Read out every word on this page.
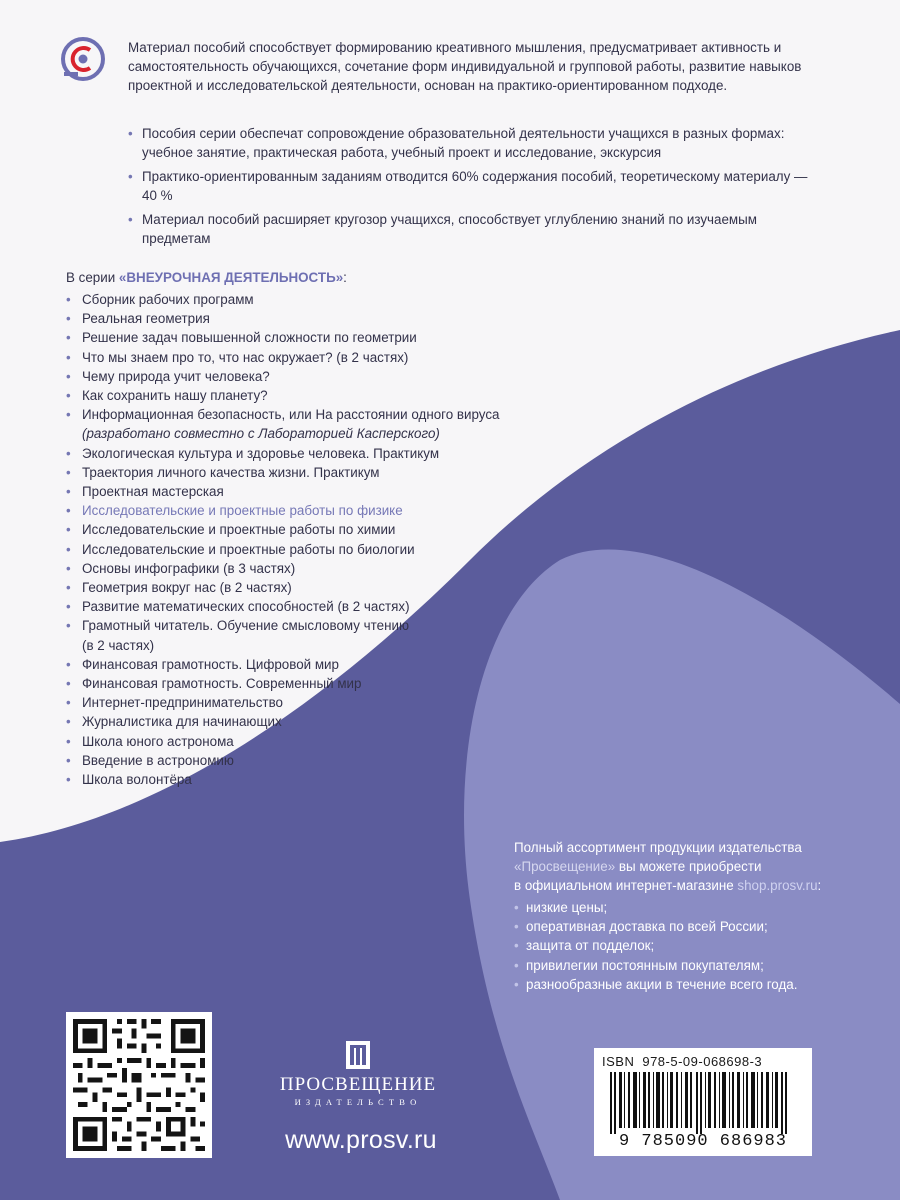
Материал пособий способствует формированию креативного мышления, предусматривает активность и самостоятельность обучающихся, сочетание форм индивидуальной и групповой работы, развитие навыков проектной и исследовательской деятельности, основан на практико-ориентированном подходе.

• Пособия серии обеспечат сопровождение образовательной деятельности учащихся в разных формах: учебное занятие, практическая работа, учебный проект и исследование, экскурсия
• Практико-ориентированным заданиям отводится 60% содержания пособий, теоретическому материалу — 40 %
• Материал пособий расширяет кругозор учащихся, способствует углублению знаний по изучаемым предметам
В серии «ВНЕУРОЧНАЯ ДЕЯТЕЛЬНОСТЬ»:
• Сборник рабочих программ
• Реальная геометрия
• Решение задач повышенной сложности по геометрии
• Что мы знаем про то, что нас окружает? (в 2 частях)
• Чему природа учит человека?
• Как сохранить нашу планету?
• Информационная безопасность, или На расстоянии одного вируса
(разработано совместно с Лабораторией Касперского)
• Экологическая культура и здоровье человека. Практикум
• Траектория личного качества жизни. Практикум
• Проектная мастерская
• Исследовательские и проектные работы по физике
• Исследовательские и проектные работы по химии
• Исследовательские и проектные работы по биологии
• Основы инфографики (в 3 частях)
• Геометрия вокруг нас (в 2 частях)
• Развитие математических способностей (в 2 частях)
• Грамотный читатель. Обучение смысловому чтению
(в 2 частях)
• Финансовая грамотность. Цифровой мир
• Финансовая грамотность. Современный мир
• Интернет-предпринимательство
• Журналистика для начинающих
• Школа юного астронома
• Введение в астрономию
• Школа волонтёра
Полный ассортимент продукции издательства
«Просвещение» вы можете приобрести
в официальном интернет-магазине shop.prosv.ru:
• низкие цены;
• оперативная доставка по всей России;
• защита от подделок;
• привилегии постоянным покупателям;
• разнообразные акции в течение всего года.
ПРОСВЕЩЕНИЕ
ИЗДАТЕЛЬСТВО
www.prosv.ru
ISBN 978-5-09-068698-3
9 785090 686983
